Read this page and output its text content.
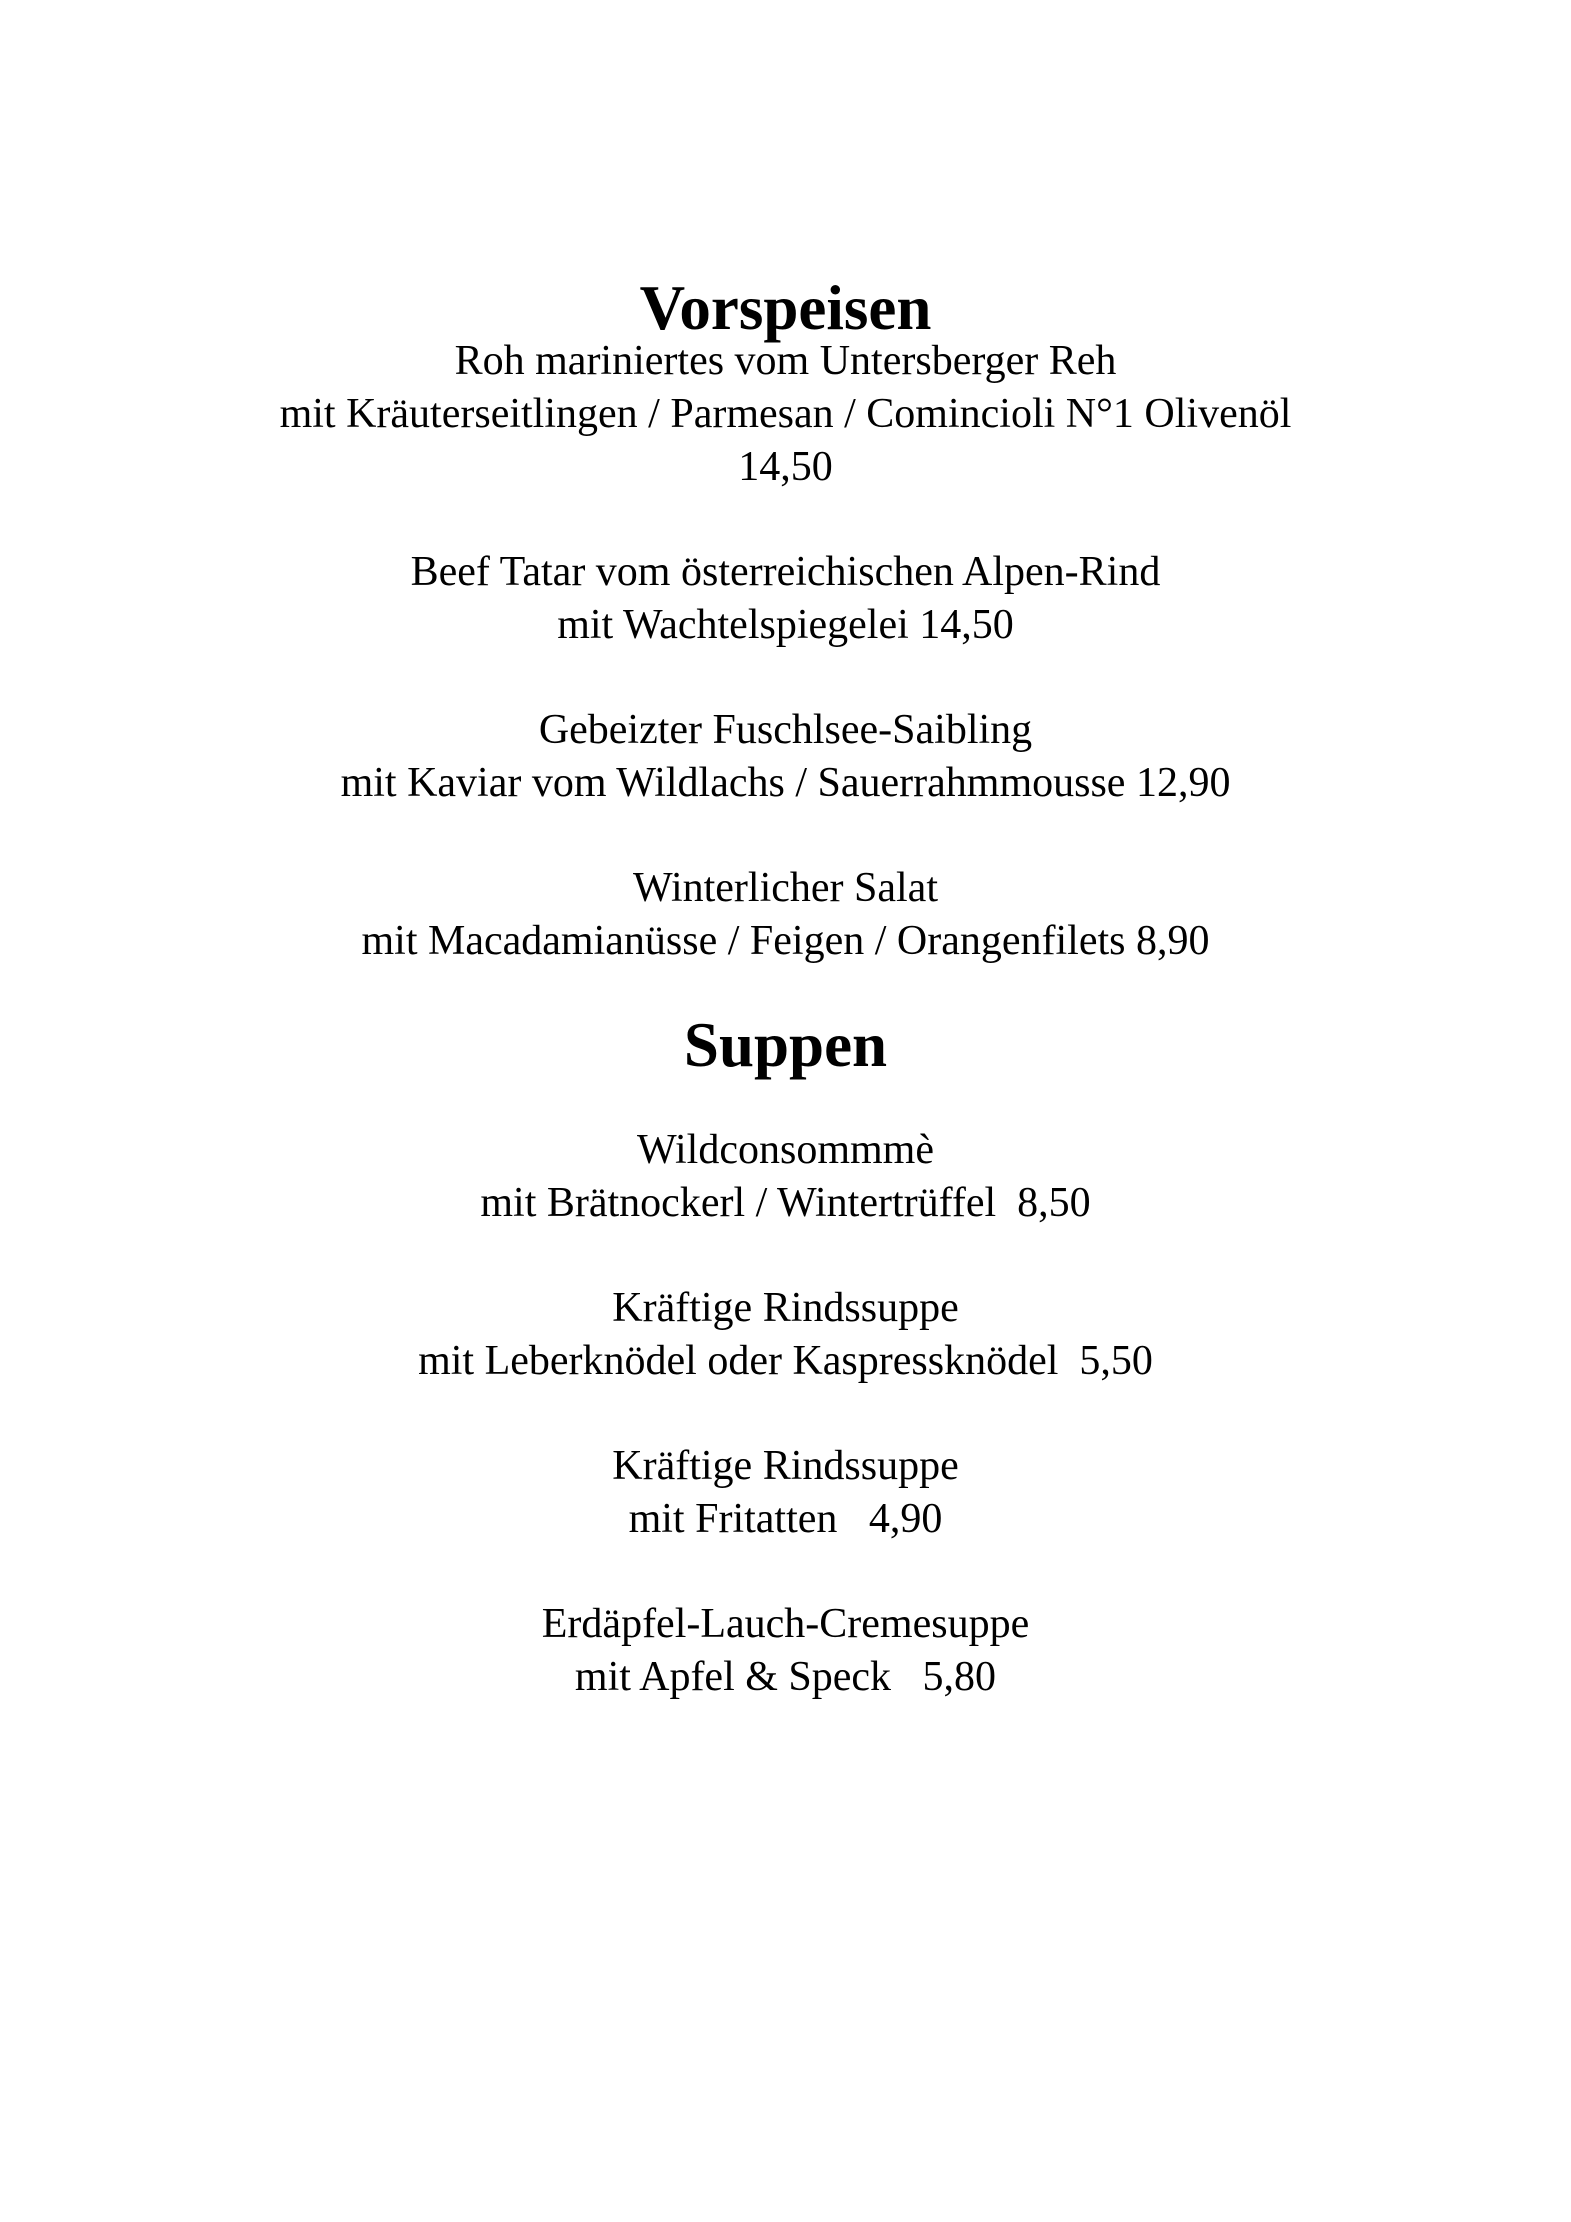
Vorspeisen

Roh mariniertes vom Untersberger Reh
mit Kräuterseitlingen / Parmesan / Comincioli N°1 Olivenöl
14,50

Beef Tatar vom österreichischen Alpen-Rind
mit Wachtelspiegelei 14,50

Gebeizter Fuschlsee-Saibling
mit Kaviar vom Wildlachs / Sauerrahmmousse 12,90

Winterlicher Salat
mit Macadamianüsse / Feigen / Orangenfilets 8,90

Suppen

Wildconsommmè
mit Brätnockerl / Wintertrüffel  8,50

Kräftige Rindssuppe
mit Leberknödel oder Kaspressknödel  5,50

Kräftige Rindssuppe
mit Fritatten   4,90

Erdäpfel-Lauch-Cremesuppe
mit Apfel & Speck   5,80
